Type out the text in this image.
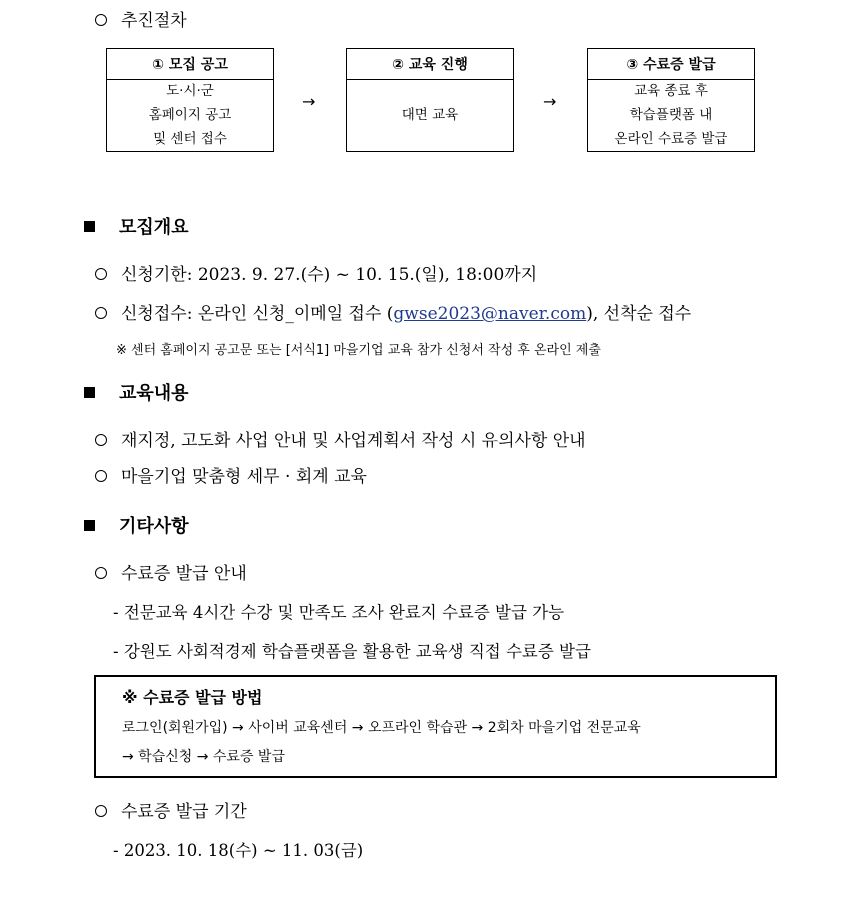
추진절차
① 모집 공고
도·시·군
홈페이지 공고
및 센터 접수
→
② 교육 진행
대면 교육
→
③ 수료증 발급
교육 종료 후
학습플랫폼 내
온라인 수료증 발급
모집개요
신청기한: 2023. 9. 27.(수) ~ 10. 15.(일), 18:00까지
신청접수: 온라인 신청_이메일 접수 (gwse2023@naver.com), 선착순 접수
※ 센터 홈페이지 공고문 또는 [서식1] 마을기업 교육 참가 신청서 작성 후 온라인 제출
교육내용
재지정, 고도화 사업 안내 및 사업계획서 작성 시 유의사항 안내
마을기업 맞춤형 세무 · 회계 교육
기타사항
수료증 발급 안내
- 전문교육 4시간 수강 및 만족도 조사 완료지 수료증 발급 가능
- 강원도 사회적경제 학습플랫폼을 활용한 교육생 직접 수료증 발급
※ 수료증 발급 방법
로그인(회원가입) → 사이버 교육센터 → 오프라인 학습관 → 2회차 마을기업 전문교육
→ 학습신청 → 수료증 발급
수료증 발급 기간
- 2023. 10. 18(수) ~ 11. 03(금)
